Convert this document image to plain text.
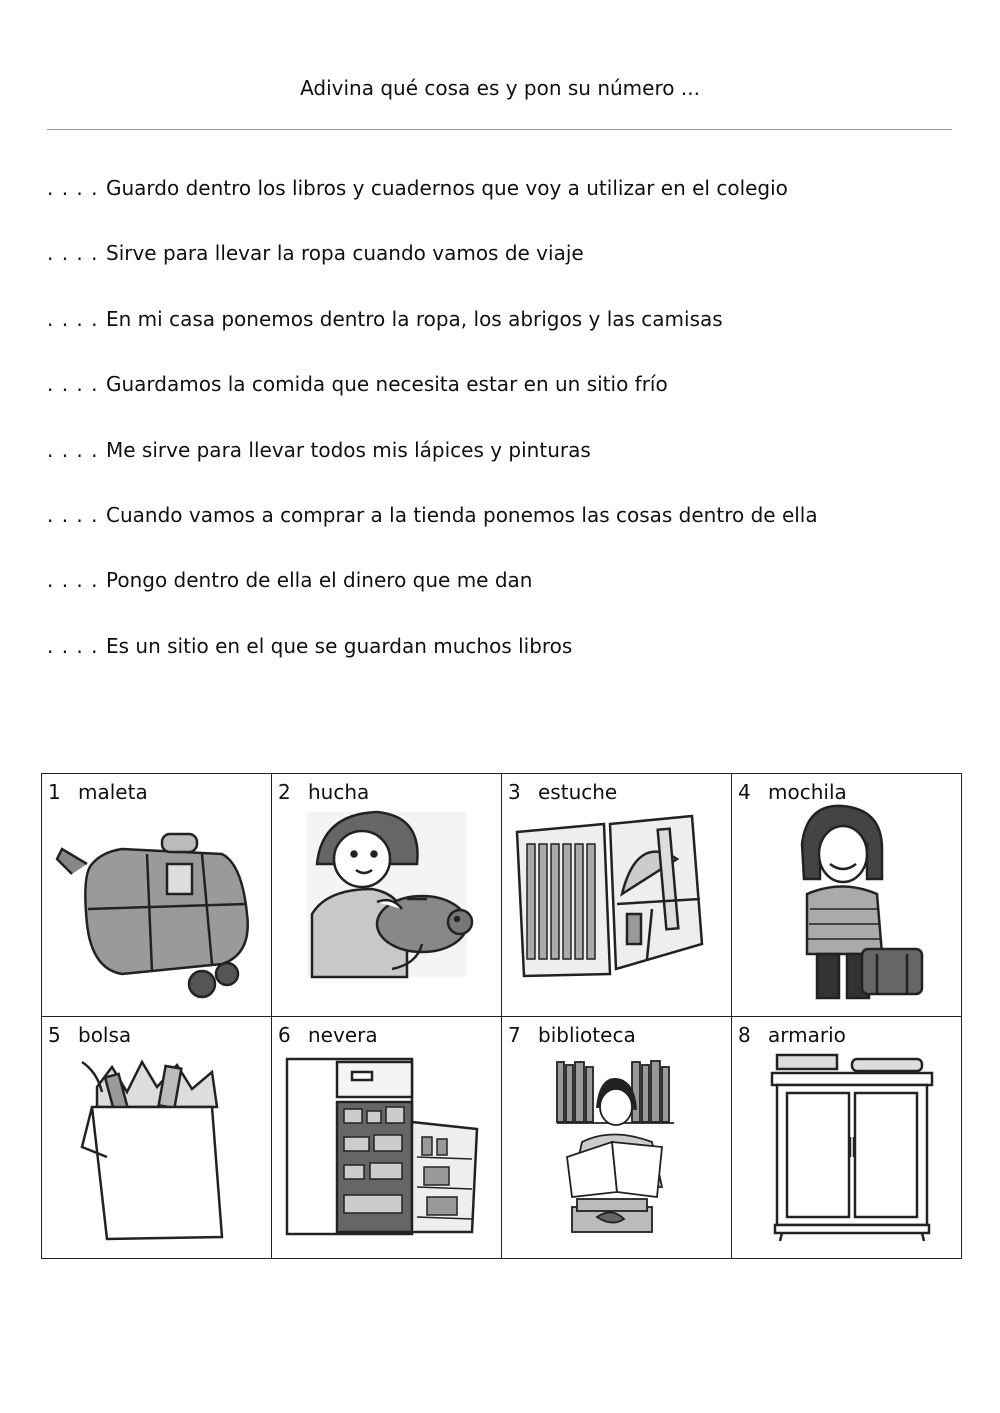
Adivina qué cosa es y pon su número ...
. . . . Guardo dentro los libros y cuadernos que voy a utilizar en el colegio
. . . . Sirve para llevar la ropa cuando vamos de viaje
. . . . En mi casa ponemos dentro la ropa, los abrigos y las camisas
. . . . Guardamos la comida que necesita estar en un sitio frío
. . . . Me sirve para llevar todos mis lápices y pinturas
. . . . Cuando vamos a comprar a la tienda ponemos las cosas dentro de ella
. . . . Pongo dentro de ella el dinero que me dan
. . . . Es un sitio en el que se guardan muchos libros
1 maleta	2 hucha	3 estuche	4 mochila

5 bolsa	6 nevera	7 biblioteca	8 armario
